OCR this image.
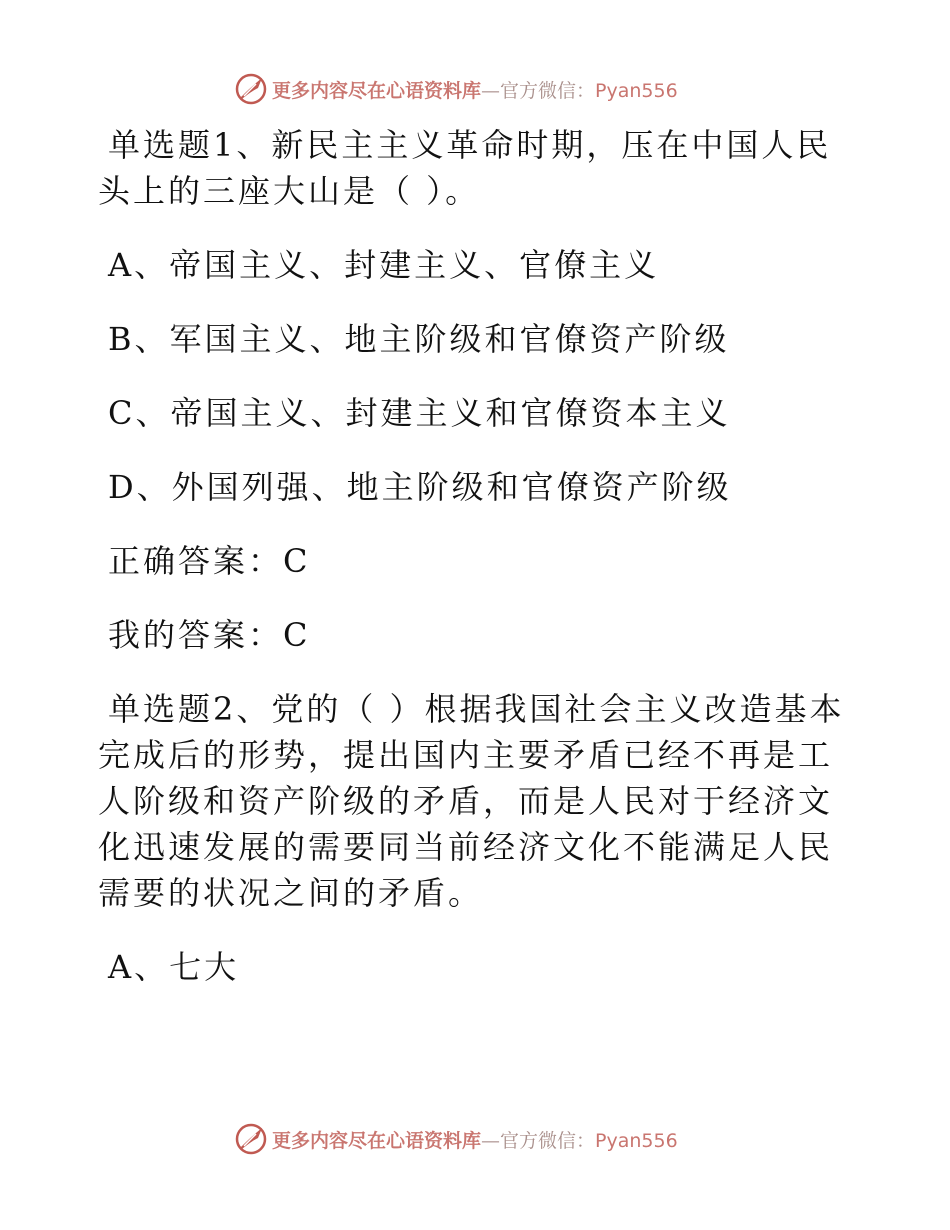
更多内容尽在心语资料库—官方微信：Pyan556

单选题1、新民主主义革命时期，压在中国人民头上的三座大山是（ ）。

A、帝国主义、封建主义、官僚主义

B、军国主义、地主阶级和官僚资产阶级

C、帝国主义、封建主义和官僚资本主义

D、外国列强、地主阶级和官僚资产阶级

正确答案：C

我的答案：C

单选题2、党的（ ）根据我国社会主义改造基本完成后的形势，提出国内主要矛盾已经不再是工人阶级和资产阶级的矛盾，而是人民对于经济文化迅速发展的需要同当前经济文化不能满足人民需要的状况之间的矛盾。

A、七大

更多内容尽在心语资料库—官方微信：Pyan556
